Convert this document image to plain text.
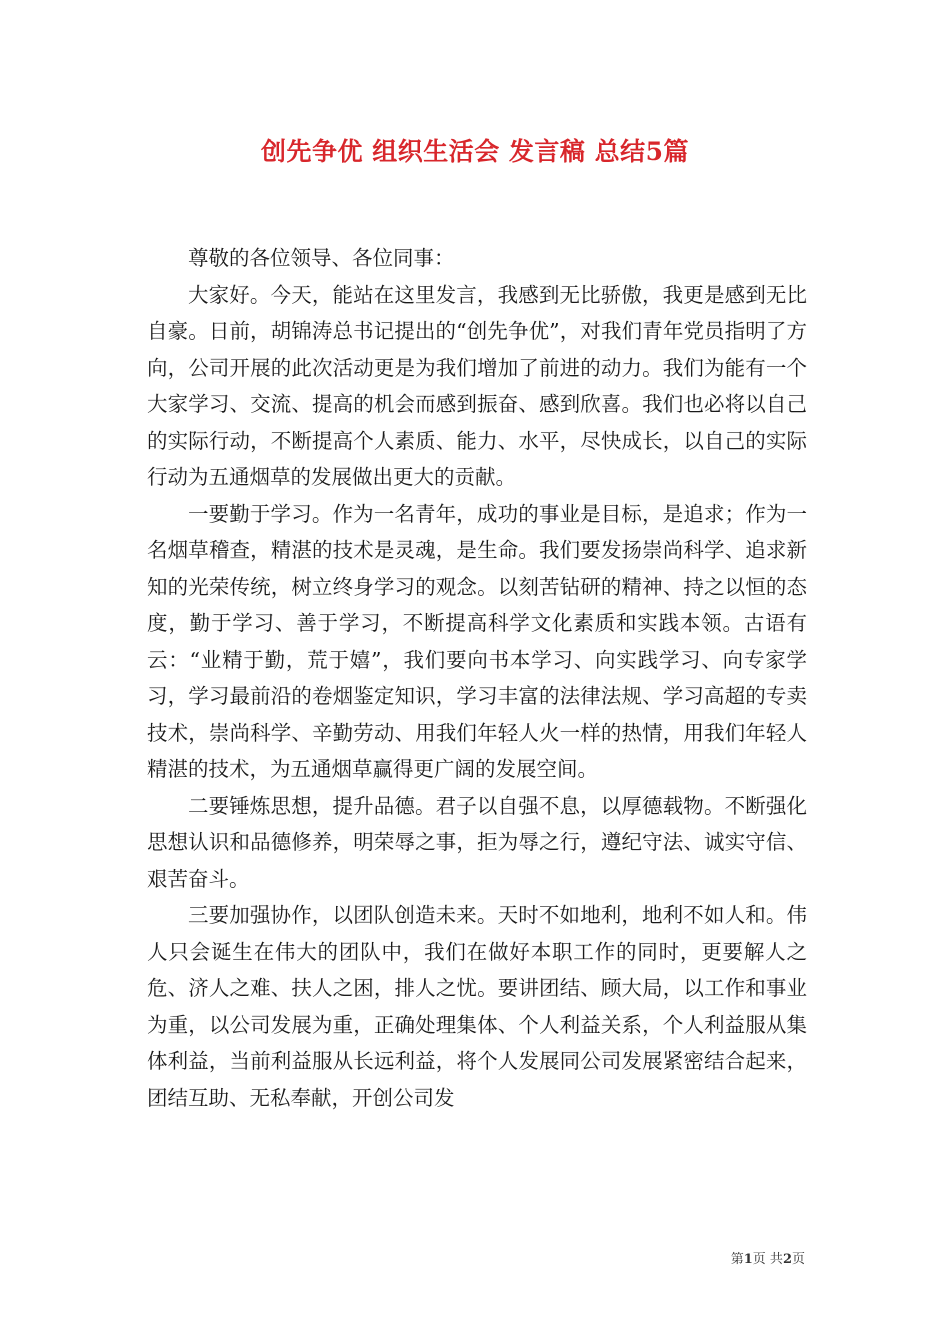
创先争优 组织生活会 发言稿 总结5篇

尊敬的各位领导、各位同事：

大家好。今天，能站在这里发言，我感到无比骄傲，我更是感到无比自豪。日前，胡锦涛总书记提出的“创先争优”，对我们青年党员指明了方向，公司开展的此次活动更是为我们增加了前进的动力。我们为能有一个大家学习、交流、提高的机会而感到振奋、感到欣喜。我们也必将以自己的实际行动，不断提高个人素质、能力、水平，尽快成长，以自己的实际行动为五通烟草的发展做出更大的贡献。

一要勤于学习。作为一名青年，成功的事业是目标，是追求；作为一名烟草稽查，精湛的技术是灵魂，是生命。我们要发扬崇尚科学、追求新知的光荣传统，树立终身学习的观念。以刻苦钻研的精神、持之以恒的态度，勤于学习、善于学习，不断提高科学文化素质和实践本领。古语有云：“业精于勤，荒于嬉”，我们要向书本学习、向实践学习、向专家学习，学习最前沿的卷烟鉴定知识，学习丰富的法律法规、学习高超的专卖技术，崇尚科学、辛勤劳动、用我们年轻人火一样的热情，用我们年轻人精湛的技术，为五通烟草赢得更广阔的发展空间。

二要锤炼思想，提升品德。君子以自强不息，以厚德载物。不断强化思想认识和品德修养，明荣辱之事，拒为辱之行，遵纪守法、诚实守信、艰苦奋斗。

三要加强协作，以团队创造未来。天时不如地利，地利不如人和。伟人只会诞生在伟大的团队中，我们在做好本职工作的同时，更要解人之危、济人之难、扶人之困，排人之忧。要讲团结、顾大局，以工作和事业为重，以公司发展为重，正确处理集体、个人利益关系，个人利益服从集体利益，当前利益服从长远利益，将个人发展同公司发展紧密结合起来，团结互助、无私奉献，开创公司发

第1页 共2页
